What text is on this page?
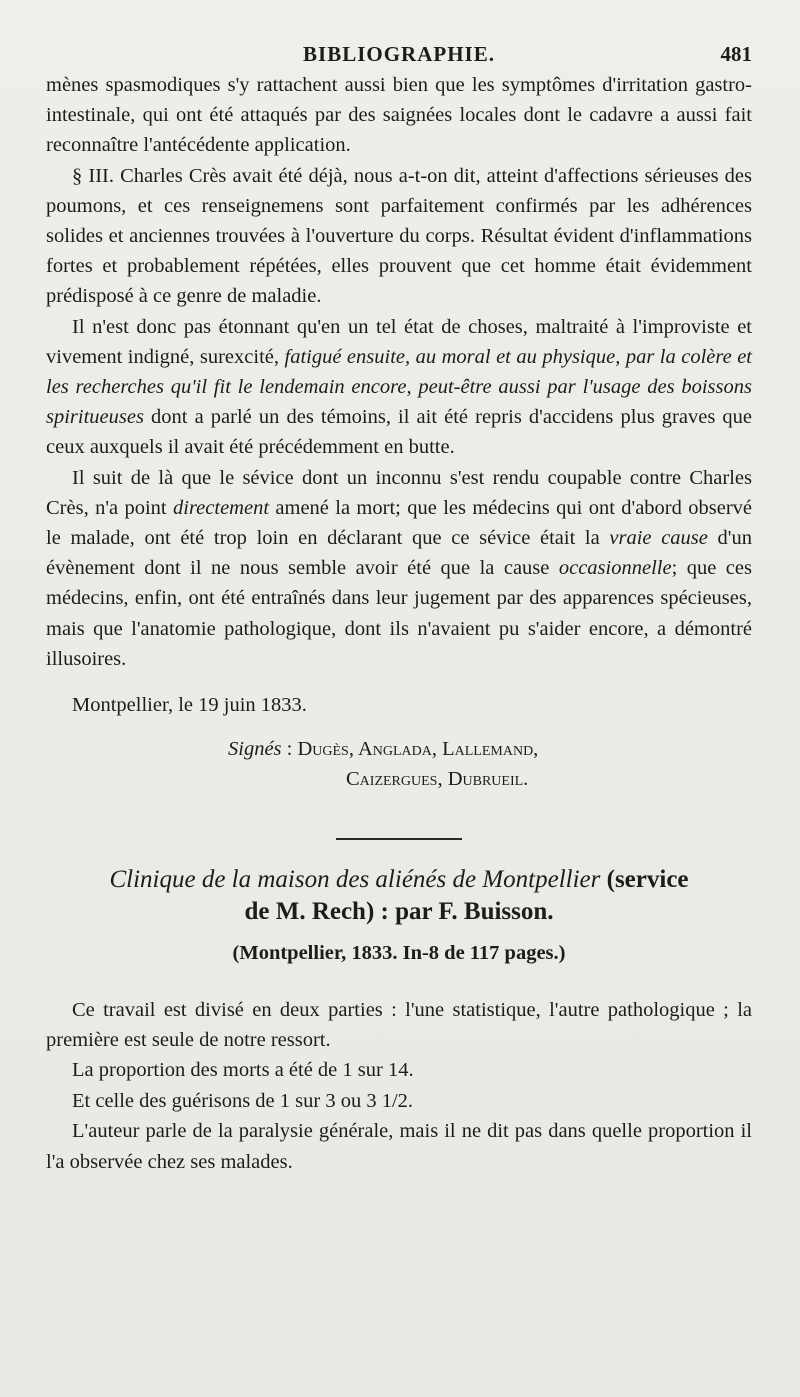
BIBLIOGRAPHIE.	481

mènes spasmodiques s'y rattachent aussi bien que les symptômes d'irritation gastro-intestinale, qui ont été attaqués par des saignées locales dont le cadavre a aussi fait reconnaître l'antécédente application.

§ III. Charles Crès avait été déjà, nous a-t-on dit, atteint d'affections sérieuses des poumons, et ces renseignemens sont parfaitement confirmés par les adhérences solides et anciennes trouvées à l'ouverture du corps. Résultat évident d'inflammations fortes et probablement répétées, elles prouvent que cet homme était évidemment prédisposé à ce genre de maladie.

Il n'est donc pas étonnant qu'en un tel état de choses, maltraité à l'improviste et vivement indigné, surexcité, fatigué ensuite, au moral et au physique, par la colère et les recherches qu'il fit le lendemain encore, peut-être aussi par l'usage des boissons spiritueuses dont a parlé un des témoins, il ait été repris d'accidens plus graves que ceux auxquels il avait été précédemment en butte.

Il suit de là que le sévice dont un inconnu s'est rendu coupable contre Charles Crès, n'a point directement amené la mort; que les médecins qui ont d'abord observé le malade, ont été trop loin en déclarant que ce sévice était la vraie cause d'un évènement dont il ne nous semble avoir été que la cause occasionnelle; que ces médecins, enfin, ont été entraînés dans leur jugement par des apparences spécieuses, mais que l'anatomie pathologique, dont ils n'avaient pu s'aider encore, a démontré illusoires.

Montpellier, le 19 juin 1833.
Signés : Dugès, Anglada, Lallemand,
Caizergues, Dubrueil.
Clinique de la maison des aliénés de Montpellier (service
de M. Rech) : par F. Buisson.
(Montpellier, 1833. In-8 de 117 pages.)

Ce travail est divisé en deux parties : l'une statistique, l'autre pathologique ; la première est seule de notre ressort.

La proportion des morts a été de 1 sur 14.
Et celle des guérisons de 1 sur 3 ou 3 1/2.

L'auteur parle de la paralysie générale, mais il ne dit pas dans quelle proportion il l'a observée chez ses malades.
